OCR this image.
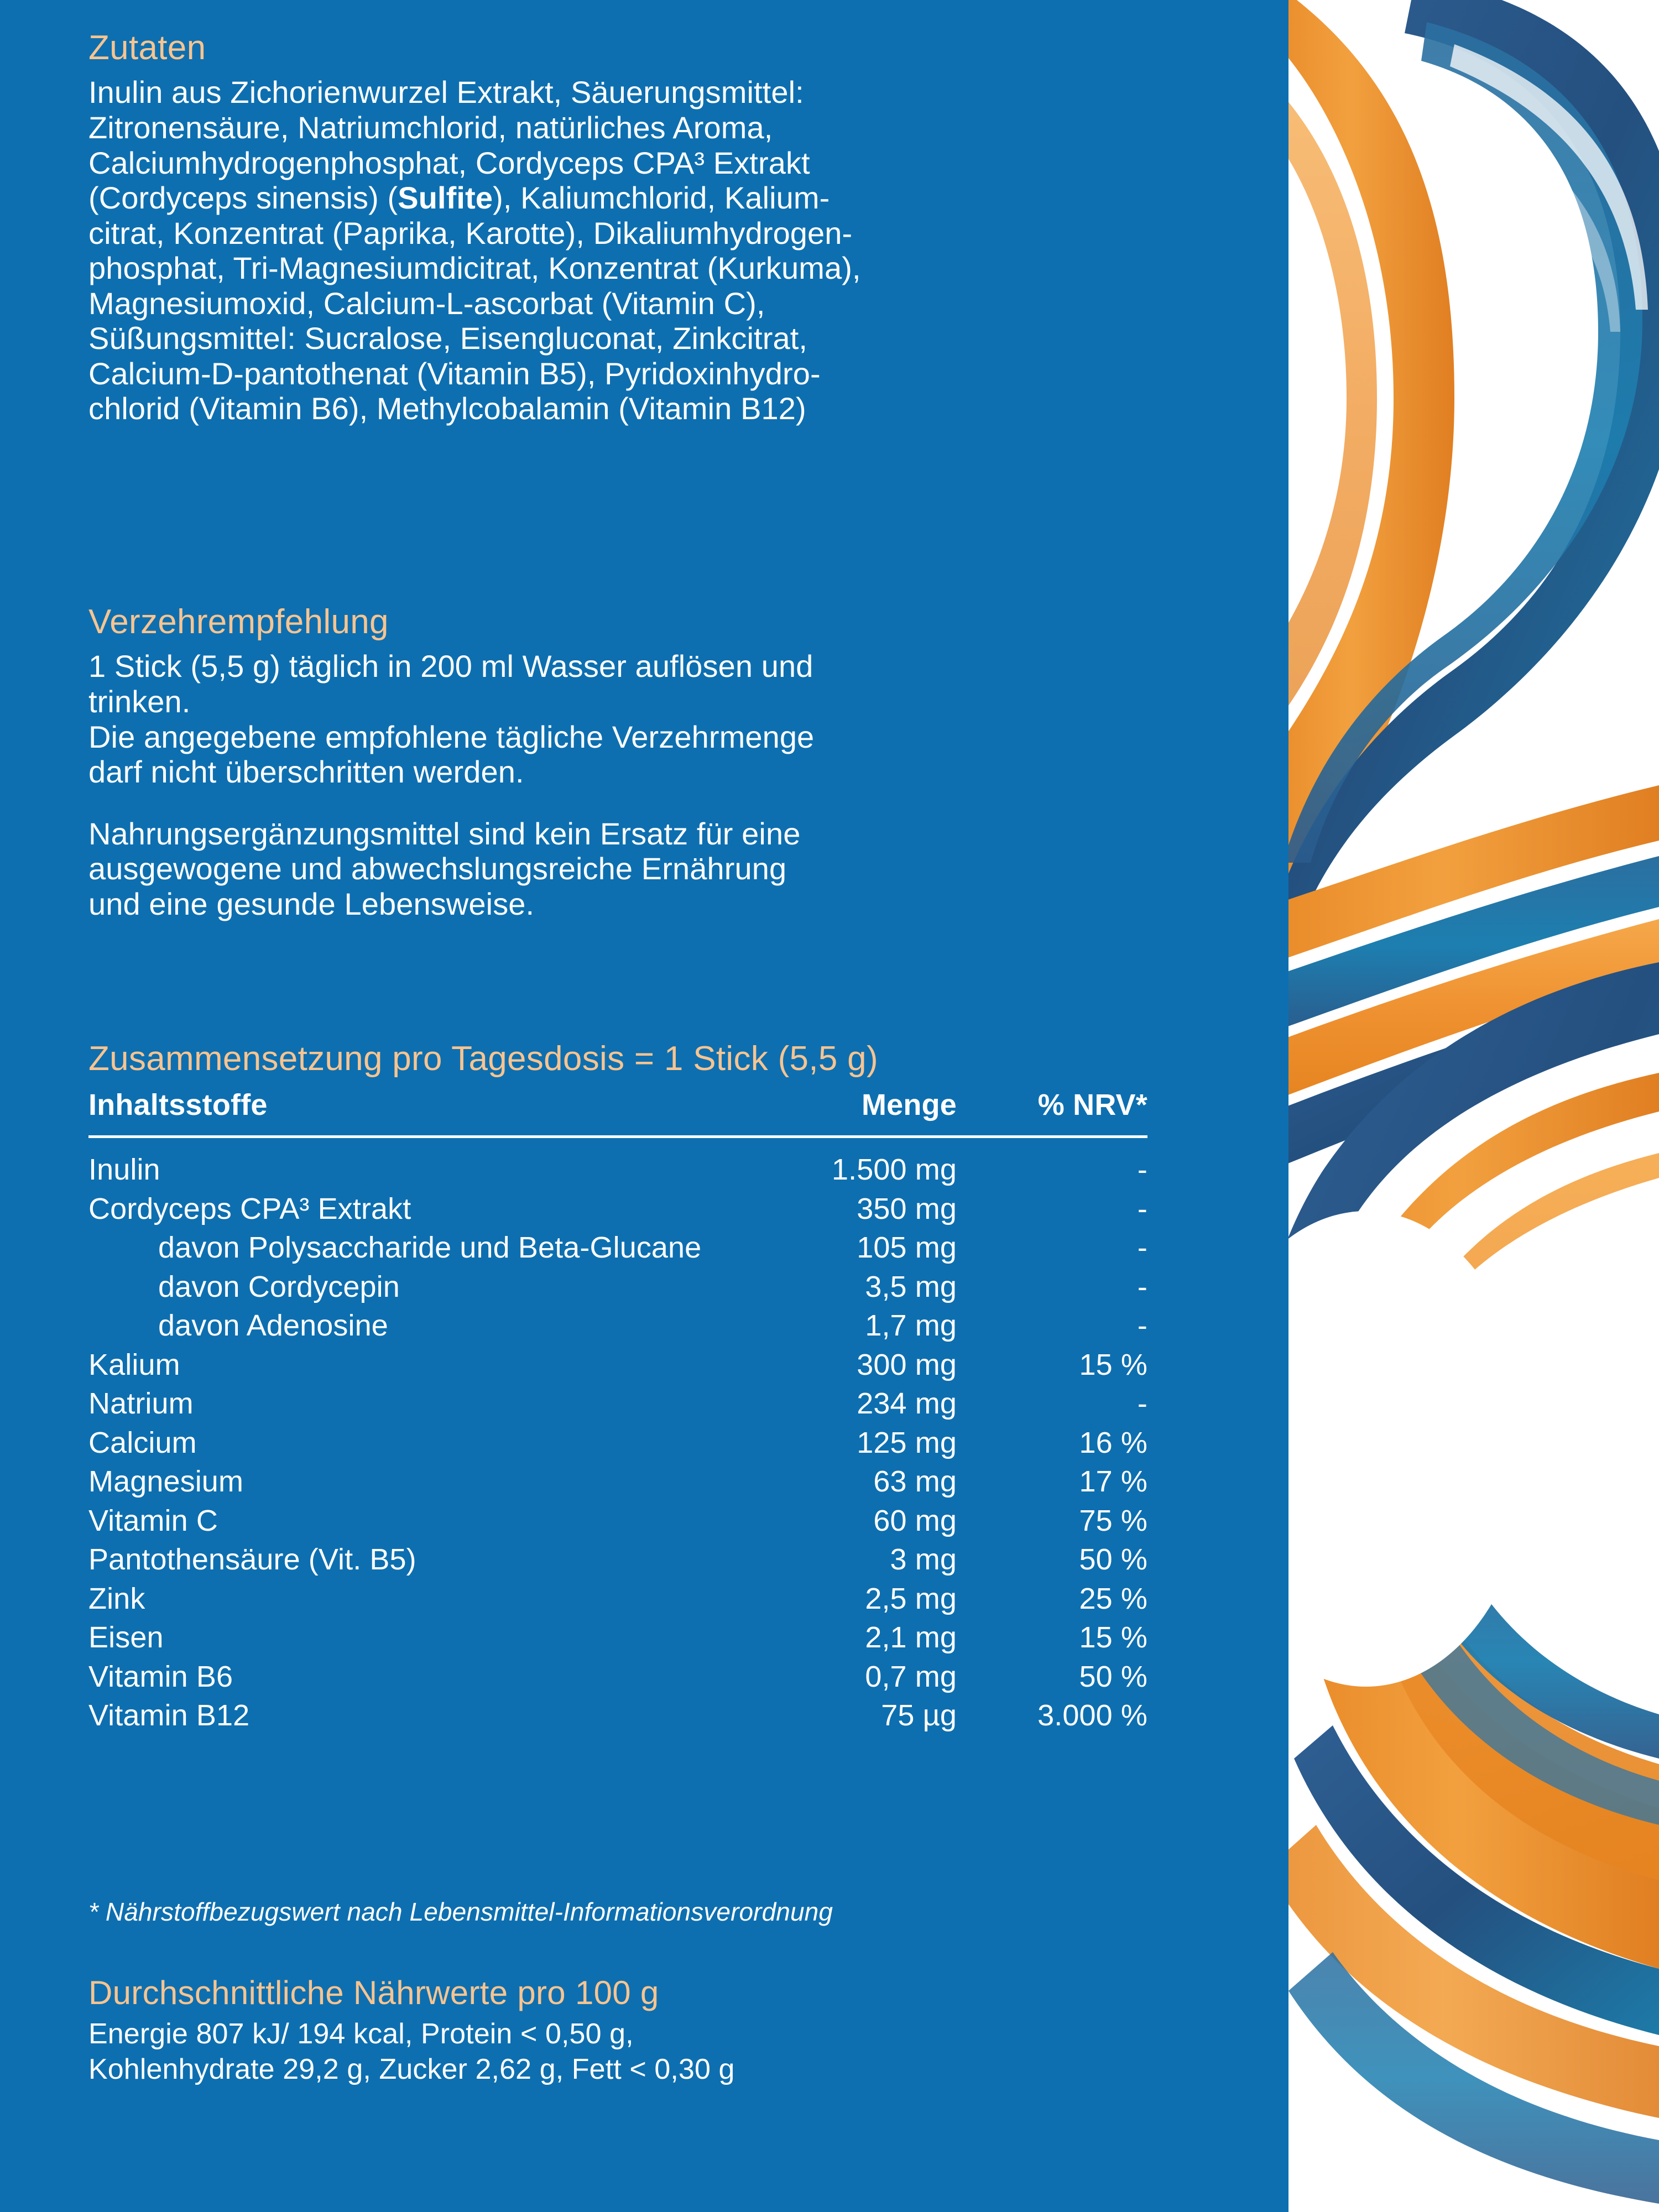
Zutaten

Inulin aus Zichorienwurzel Extrakt, Säuerungsmittel:
Zitronensäure, Natriumchlorid, natürliches Aroma,
Calciumhydrogenphosphat, Cordyceps CPA³ Extrakt
(Cordyceps sinensis) (Sulfite), Kaliumchlorid, Kalium-
citrat, Konzentrat (Paprika, Karotte), Dikaliumhydrogen-
phosphat, Tri-Magnesiumdicitrat, Konzentrat (Kurkuma),
Magnesiumoxid, Calcium-L-ascorbat (Vitamin C),
Süßungsmittel: Sucralose, Eisengluconat, Zinkcitrat,
Calcium-D-pantothenat (Vitamin B5), Pyridoxinhydro-
chlorid (Vitamin B6), Methylcobalamin (Vitamin B12)

Verzehrempfehlung

1 Stick (5,5 g) täglich in 200 ml Wasser auflösen und
trinken.
Die angegebene empfohlene tägliche Verzehrmenge
darf nicht überschritten werden.

Nahrungsergänzungsmittel sind kein Ersatz für eine
ausgewogene und abwechslungsreiche Ernährung
und eine gesunde Lebensweise.

Zusammensetzung pro Tagesdosis = 1 Stick (5,5 g)
Inhaltsstoffe	Menge	% NRV*

Inulin	1.500 mg	-
Cordyceps CPA³ Extrakt	350 mg	-
davon Polysaccharide und Beta-Glucane	105 mg	-
davon Cordycepin	3,5 mg	-
davon Adenosine	1,7 mg	-
Kalium	300 mg	15 %
Natrium	234 mg	-
Calcium	125 mg	16 %
Magnesium	63 mg	17 %
Vitamin C	60 mg	75 %
Pantothensäure (Vit. B5)	3 mg	50 %
Zink	2,5 mg	25 %
Eisen	2,1 mg	15 %
Vitamin B6	0,7 mg	50 %
Vitamin B12	75 µg	3.000 %
* Nährstoffbezugswert nach Lebensmittel-Informationsverordnung
Durchschnittliche Nährwerte pro 100 g

Energie 807 kJ/ 194 kcal, Protein < 0,50 g,
Kohlenhydrate 29,2 g, Zucker 2,62 g, Fett < 0,30 g
